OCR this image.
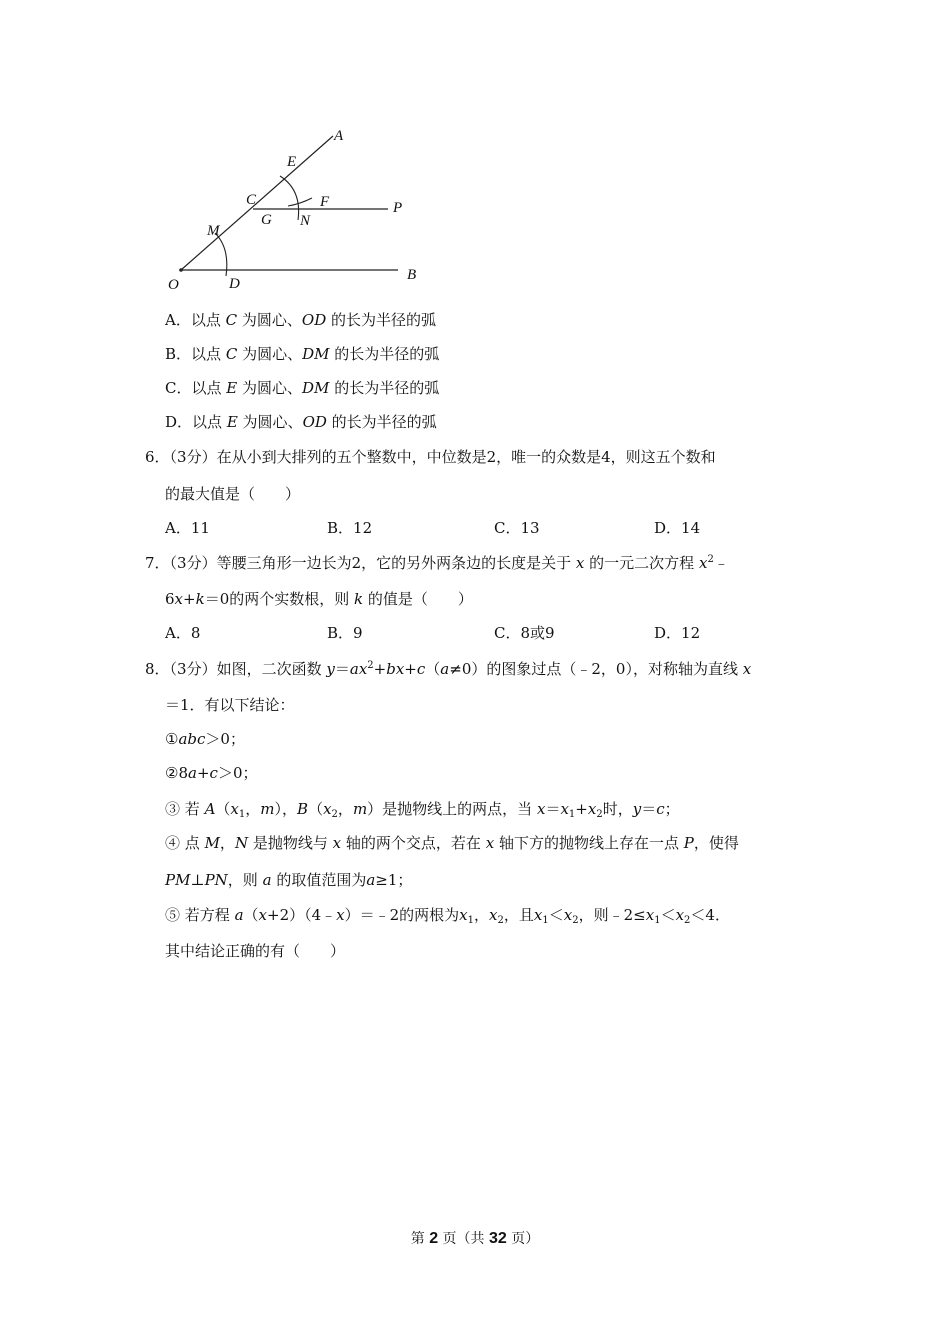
A
E
C	F	P
G N
M
O	D
B
A．以点 C 为圆心、OD 的长为半径的弧
B．以点 C 为圆心、DM 的长为半径的弧
C．以点 E 为圆心、DM 的长为半径的弧
D．以点 E 为圆心、OD 的长为半径的弧
6．（3分）在从小到大排列的五个整数中，中位数是2，唯一的众数是4，则这五个数和
的最大值是（　　）
A．11	B．12	C．13	D．14
7．（3分）等腰三角形一边长为2，它的另外两条边的长度是关于 x 的一元二次方程 $x^2﹣$
6x+k＝0的两个实数根，则 k 的值是（　　）
A．8	B．9	C．8或9	D．12
8．（3分）如图，二次函数 $y=ax^2+bx+c(a\ne 0)$的图象过点（﹣2，0），对称轴为直线 x
＝1．有以下结论：
①abc＞0；
②8a+c＞0；
③ 若 $A(x_1$，m），$B(x_2$，m）是抛物线上的两点，当 $x=x_1+x_2$时，y＝c；
④ 点 M，N 是抛物线与 x 轴的两个交点，若在 x 轴下方的抛物线上存在一点 P，使得
PM⊥PN，则 a 的取值范围为a≥1；
⑤ 若方程 a（x+2）（4﹣x）＝﹣2的两根为$x_1$，$x_2$，且$x_1<x_2$，则$﹣2\le x_1<x_2<4$．
其中结论正确的有（　　）
第 2 页（共 32 页）
